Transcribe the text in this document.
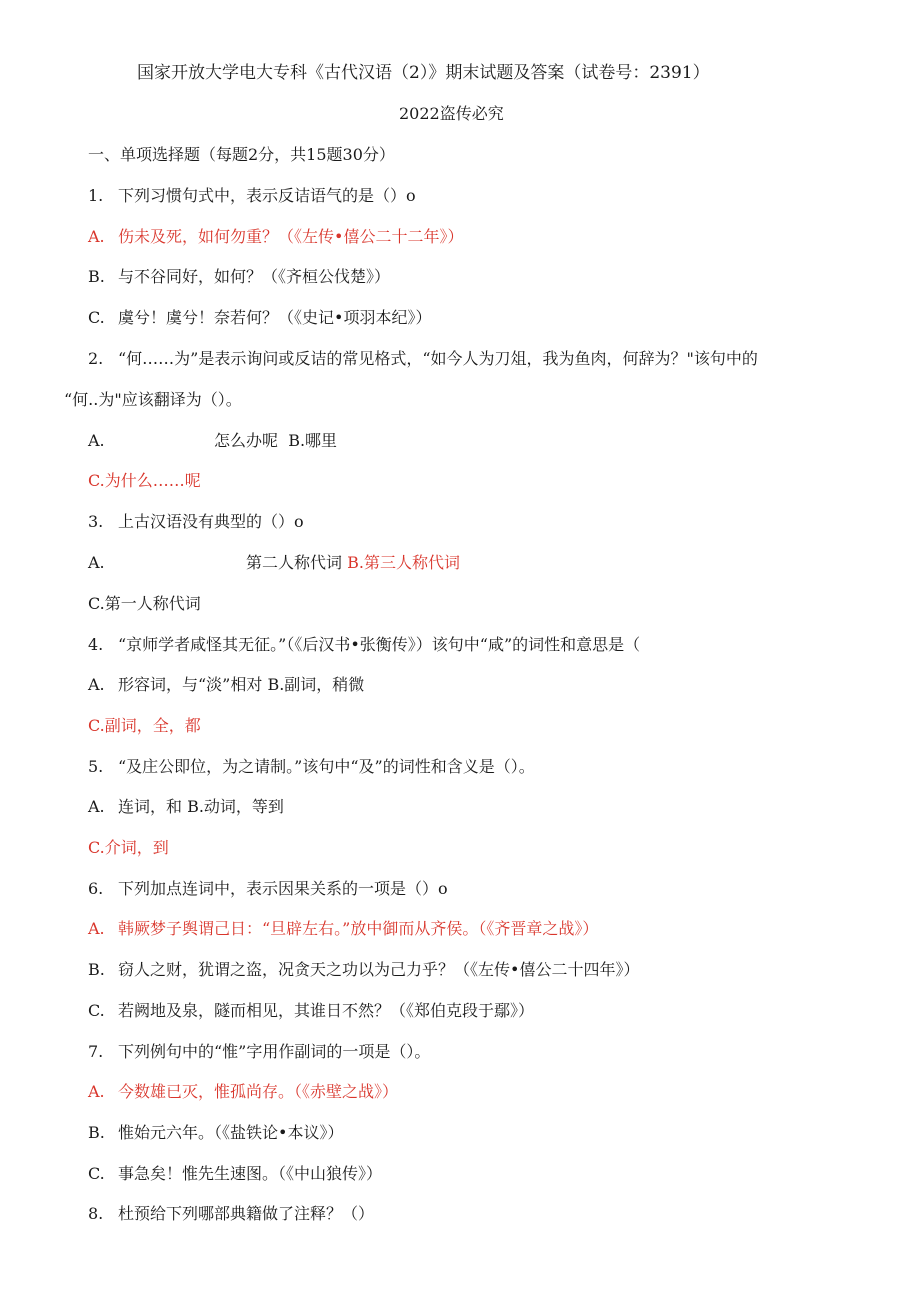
国家开放大学电大专科《古代汉语（2）》期末试题及答案（试卷号：2391）
2022盗传必究
一、单项选择题（每题2分，共15题30分）
1. 下列习惯句式中，表示反诘语气的是（）o
A. 伤未及死，如何勿重？（《左传•僖公二十二年》）
B. 与不谷同好，如何？（《齐桓公伐楚》）
C. 虞兮！虞兮！奈若何？（《史记•项羽本纪》）
2. “何……为”是表示询问或反诘的常见格式，“如今人为刀俎，我为鱼肉，何辞为？"该句中的
“何..为"应该翻译为（）。
A.	怎么办呢 B.哪里
C.为什么……呢
3. 上古汉语没有典型的（）o
A.	第二人称代词 B.第三人称代词
C.第一人称代词
4. “京师学者咸怪其无征。”（《后汉书•张衡传》）该句中“咸”的词性和意思是（
A. 形容词，与“淡”相对 B.副词，稍微
C.副词，全，都
5. “及庄公即位，为之请制。”该句中“及”的词性和含义是（）。
A. 连词，和 B.动词，等到
C.介词，到
6. 下列加点连词中，表示因果关系的一项是（）o
A. 韩厥梦子舆谓己日：“旦辟左右。”放中御而从齐侯。（《齐晋章之战》）
B. 窃人之财，犹谓之盗，况贪天之功以为己力乎？（《左传•僖公二十四年》）
C. 若阙地及泉，隧而相见，其谁日不然？（《郑伯克段于鄢》）
7. 下列例句中的“惟”字用作副词的一项是（）。
A. 今数雄已灭，惟孤尚存。（《赤壁之战》）
B. 惟始元六年。（《盐铁论•本议》）
C. 事急矣！惟先生速图。（《中山狼传》）
8. 杜预给下列哪部典籍做了注释？（）
